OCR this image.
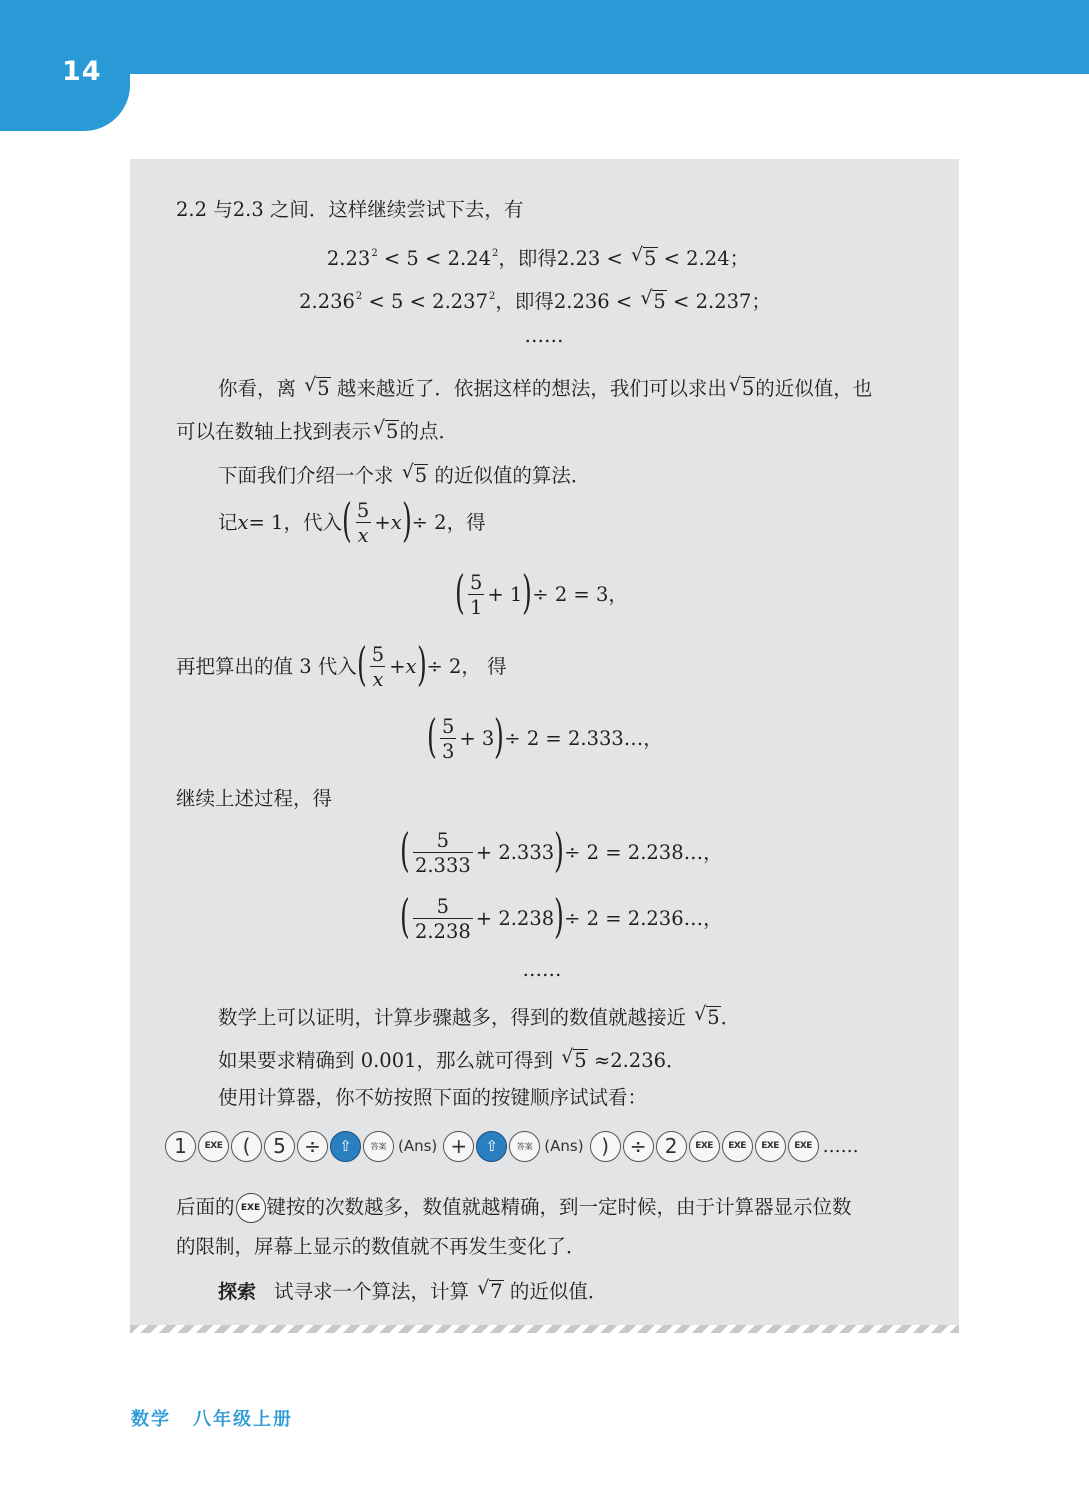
14
2.2 与2.3 之间．这样继续尝试下去，有
$2.23^2 < 5 < 2.24^2$，即得2.23 < √ 5 < 2.24；
$2.236^2 < 5 < 2.237^2$，即得2.236 < √ 5 < 2.237；
……
你看，离 √ 5 越来越近了．依据这样的想法，我们可以求出 √ 5的近似值，也
可以在数轴上找到表示 √ 5的点．
下面我们介绍一个求 √ 5 的近似值的算法．
记 x = 1，代入 ( $\frac{5}{x} + x$ ) ÷ 2，得
( $\frac{5}{1} + 1$ ) ÷ 2 = 3，
再把算出的值 3 代入 ( $\frac{5}{x} + x$ ) ÷ 2， 得
( $\frac{5}{3} + 3$ ) ÷ 2 = 2.333…，
继续上述过程，得
( $\frac{5}{2.333} + 2.333$ ) ÷ 2 = 2.238…，
( $\frac{5}{2.238} + 2.238$ ) ÷ 2 = 2.236…，
……
数学上可以证明，计算步骤越多，得到的数值就越接近 √ 5．
如果要求精确到 0.001，那么就可得到 √ 5 ≈2.236．
使用计算器，你不妨按照下面的按键顺序试试看：
1	EXE	(	5 ÷	⇧	答案 (Ans) +	⇧	答案 (Ans) )	÷ 2	EXE	EXE	EXE	EXE ……
后面的 EXE 键按的次数越多，数值就越精确，到一定时候，由于计算器显示位数
的限制，屏幕上显示的数值就不再发生变化了．
探索 试寻求一个算法，计算 √ 7 的近似值．
数学 八年级上册
